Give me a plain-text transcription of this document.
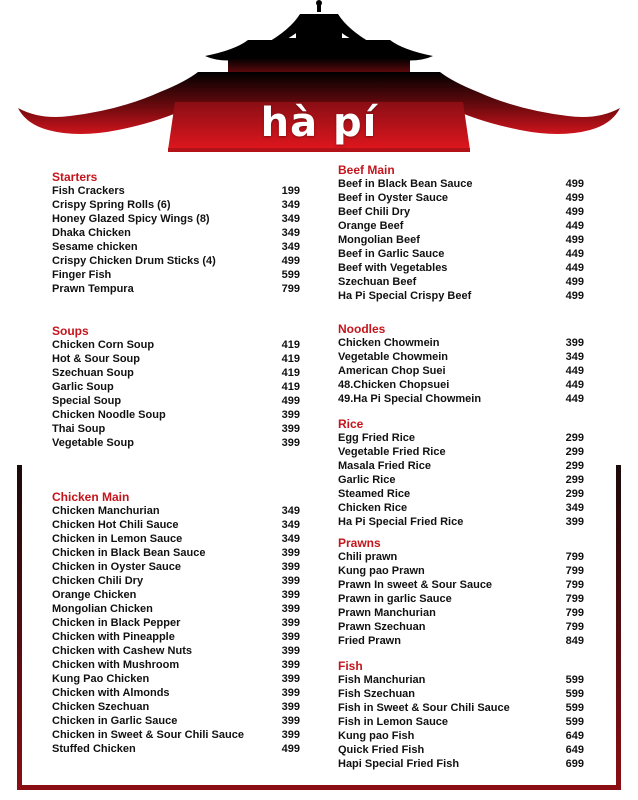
hà pí
Starters
Fish Crackers	199
Crispy Spring Rolls (6)	349
Honey Glazed Spicy Wings (8)	349
Dhaka Chicken	349
Sesame chicken	349
Crispy Chicken Drum Sticks (4)	499
Finger Fish	599
Prawn Tempura	799
Soups
Chicken Corn Soup	419
Hot & Sour Soup	419
Szechuan Soup	419
Garlic Soup	419
Special Soup	499
Chicken Noodle Soup	399
Thai Soup	399
Vegetable Soup	399
Chicken Main
Chicken Manchurian	349
Chicken Hot Chili Sauce	349
Chicken in Lemon Sauce	349
Chicken in Black Bean Sauce	399
Chicken in Oyster Sauce	399
Chicken Chili Dry	399
Orange Chicken	399
Mongolian Chicken	399
Chicken in Black Pepper	399
Chicken with Pineapple	399
Chicken with Cashew Nuts	399
Chicken with Mushroom	399
Kung Pao Chicken	399
Chicken with Almonds	399
Chicken Szechuan	399
Chicken in Garlic Sauce	399
Chicken in Sweet & Sour Chili Sauce	399
Stuffed Chicken	499
Beef Main
Beef in Black Bean Sauce	499
Beef in Oyster Sauce	499
Beef Chili Dry	499
Orange Beef	449
Mongolian Beef	499
Beef in Garlic Sauce	449
Beef with Vegetables	449
Szechuan Beef	499
Ha Pi Special Crispy Beef	499
Noodles
Chicken Chowmein	399
Vegetable Chowmein	349
American Chop Suei	449
48.Chicken Chopsuei	449
49.Ha Pi Special Chowmein	449
Rice
Egg Fried Rice	299
Vegetable Fried Rice	299
Masala Fried Rice	299
Garlic Rice	299
Steamed Rice	299
Chicken Rice	349
Ha Pi Special Fried Rice	399
Prawns
Chili prawn	799
Kung pao Prawn	799
Prawn In sweet & Sour Sauce	799
Prawn in garlic Sauce	799
Prawn Manchurian	799
Prawn Szechuan	799
Fried Prawn	849
Fish
Fish Manchurian	599
Fish Szechuan	599
Fish in Sweet & Sour Chili Sauce	599
Fish in Lemon Sauce	599
Kung pao Fish	649
Quick Fried Fish	649
Hapi Special Fried Fish	699
